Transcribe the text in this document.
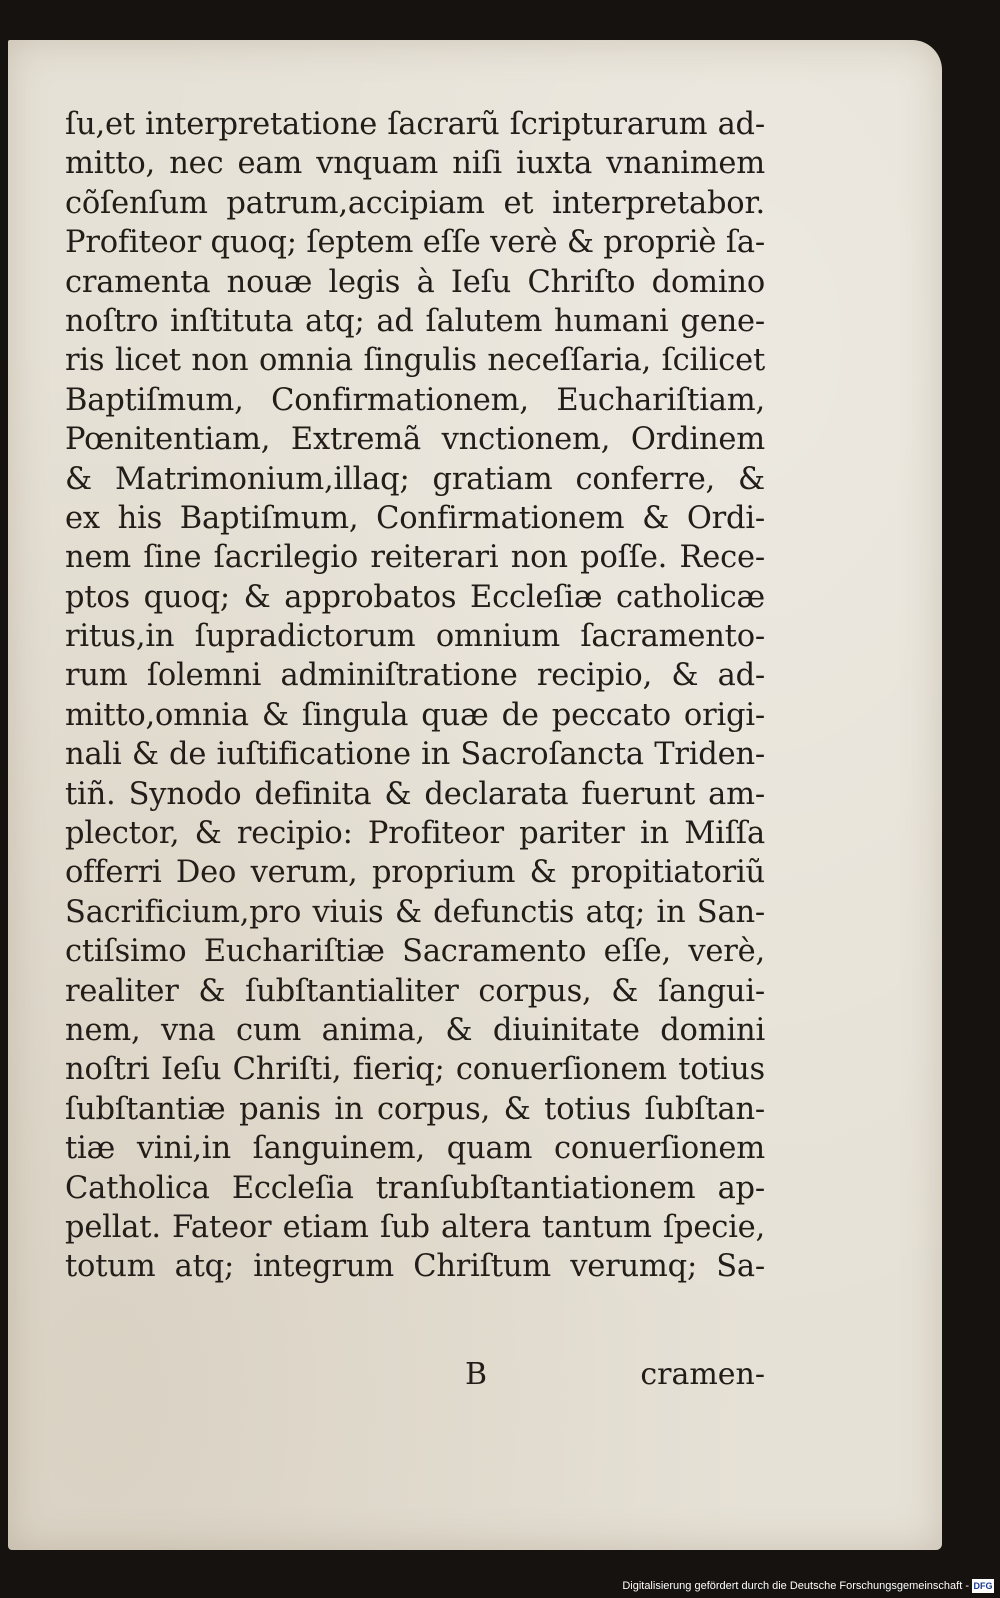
ſu,et interpretatione ſacrarũ ſcripturarum ad-
mitto, nec eam vnquam niſi iuxta vnanimem
cõſenſum patrum,accipiam et interpretabor.
Profiteor quoq; ſeptem eſſe verè & propriè ſa-
cramenta nouæ legis à Ieſu Chriſto domino
noſtro inſtituta atq; ad ſalutem humani gene-
ris licet non omnia ſingulis neceſſaria, ſcilicet
Baptiſmum, Confirmationem, Euchariſtiam,
Pœnitentiam, Extremã vnctionem, Ordinem
& Matrimonium,illaq; gratiam conferre, &
ex his Baptiſmum, Confirmationem & Ordi-
nem ſine ſacrilegio reiterari non poſſe. Rece-
ptos quoq; & approbatos Eccleſiæ catholicæ
ritus,in ſupradictorum omnium ſacramento-
rum ſolemni adminiſtratione recipio, & ad-
mitto,omnia & ſingula quæ de peccato origi-
nali & de iuſtificatione in Sacroſancta Triden-
tiñ. Synodo definita & declarata fuerunt am-
plector, & recipio: Profiteor pariter in Miſſa
offerri Deo verum, proprium & propitiatoriũ
Sacrificium,pro viuis & defunctis atq; in San-
ctiſsimo Euchariſtiæ Sacramento eſſe, verè,
realiter & ſubſtantialiter corpus, & ſangui-
nem, vna cum anima, & diuinitate domini
noſtri Ieſu Chriſti, fieriq; conuerſionem totius
ſubſtantiæ panis in corpus, & totius ſubſtan-
tiæ vini,in ſanguinem, quam conuerſionem
Catholica Eccleſia tranſubſtantiationem ap-
pellat. Fateor etiam ſub altera tantum ſpecie,
totum atq; integrum Chriſtum verumq; Sa-
B	cramen-
Digitalisierung gefördert durch die Deutsche Forschungsgemeinschaft - DFG
